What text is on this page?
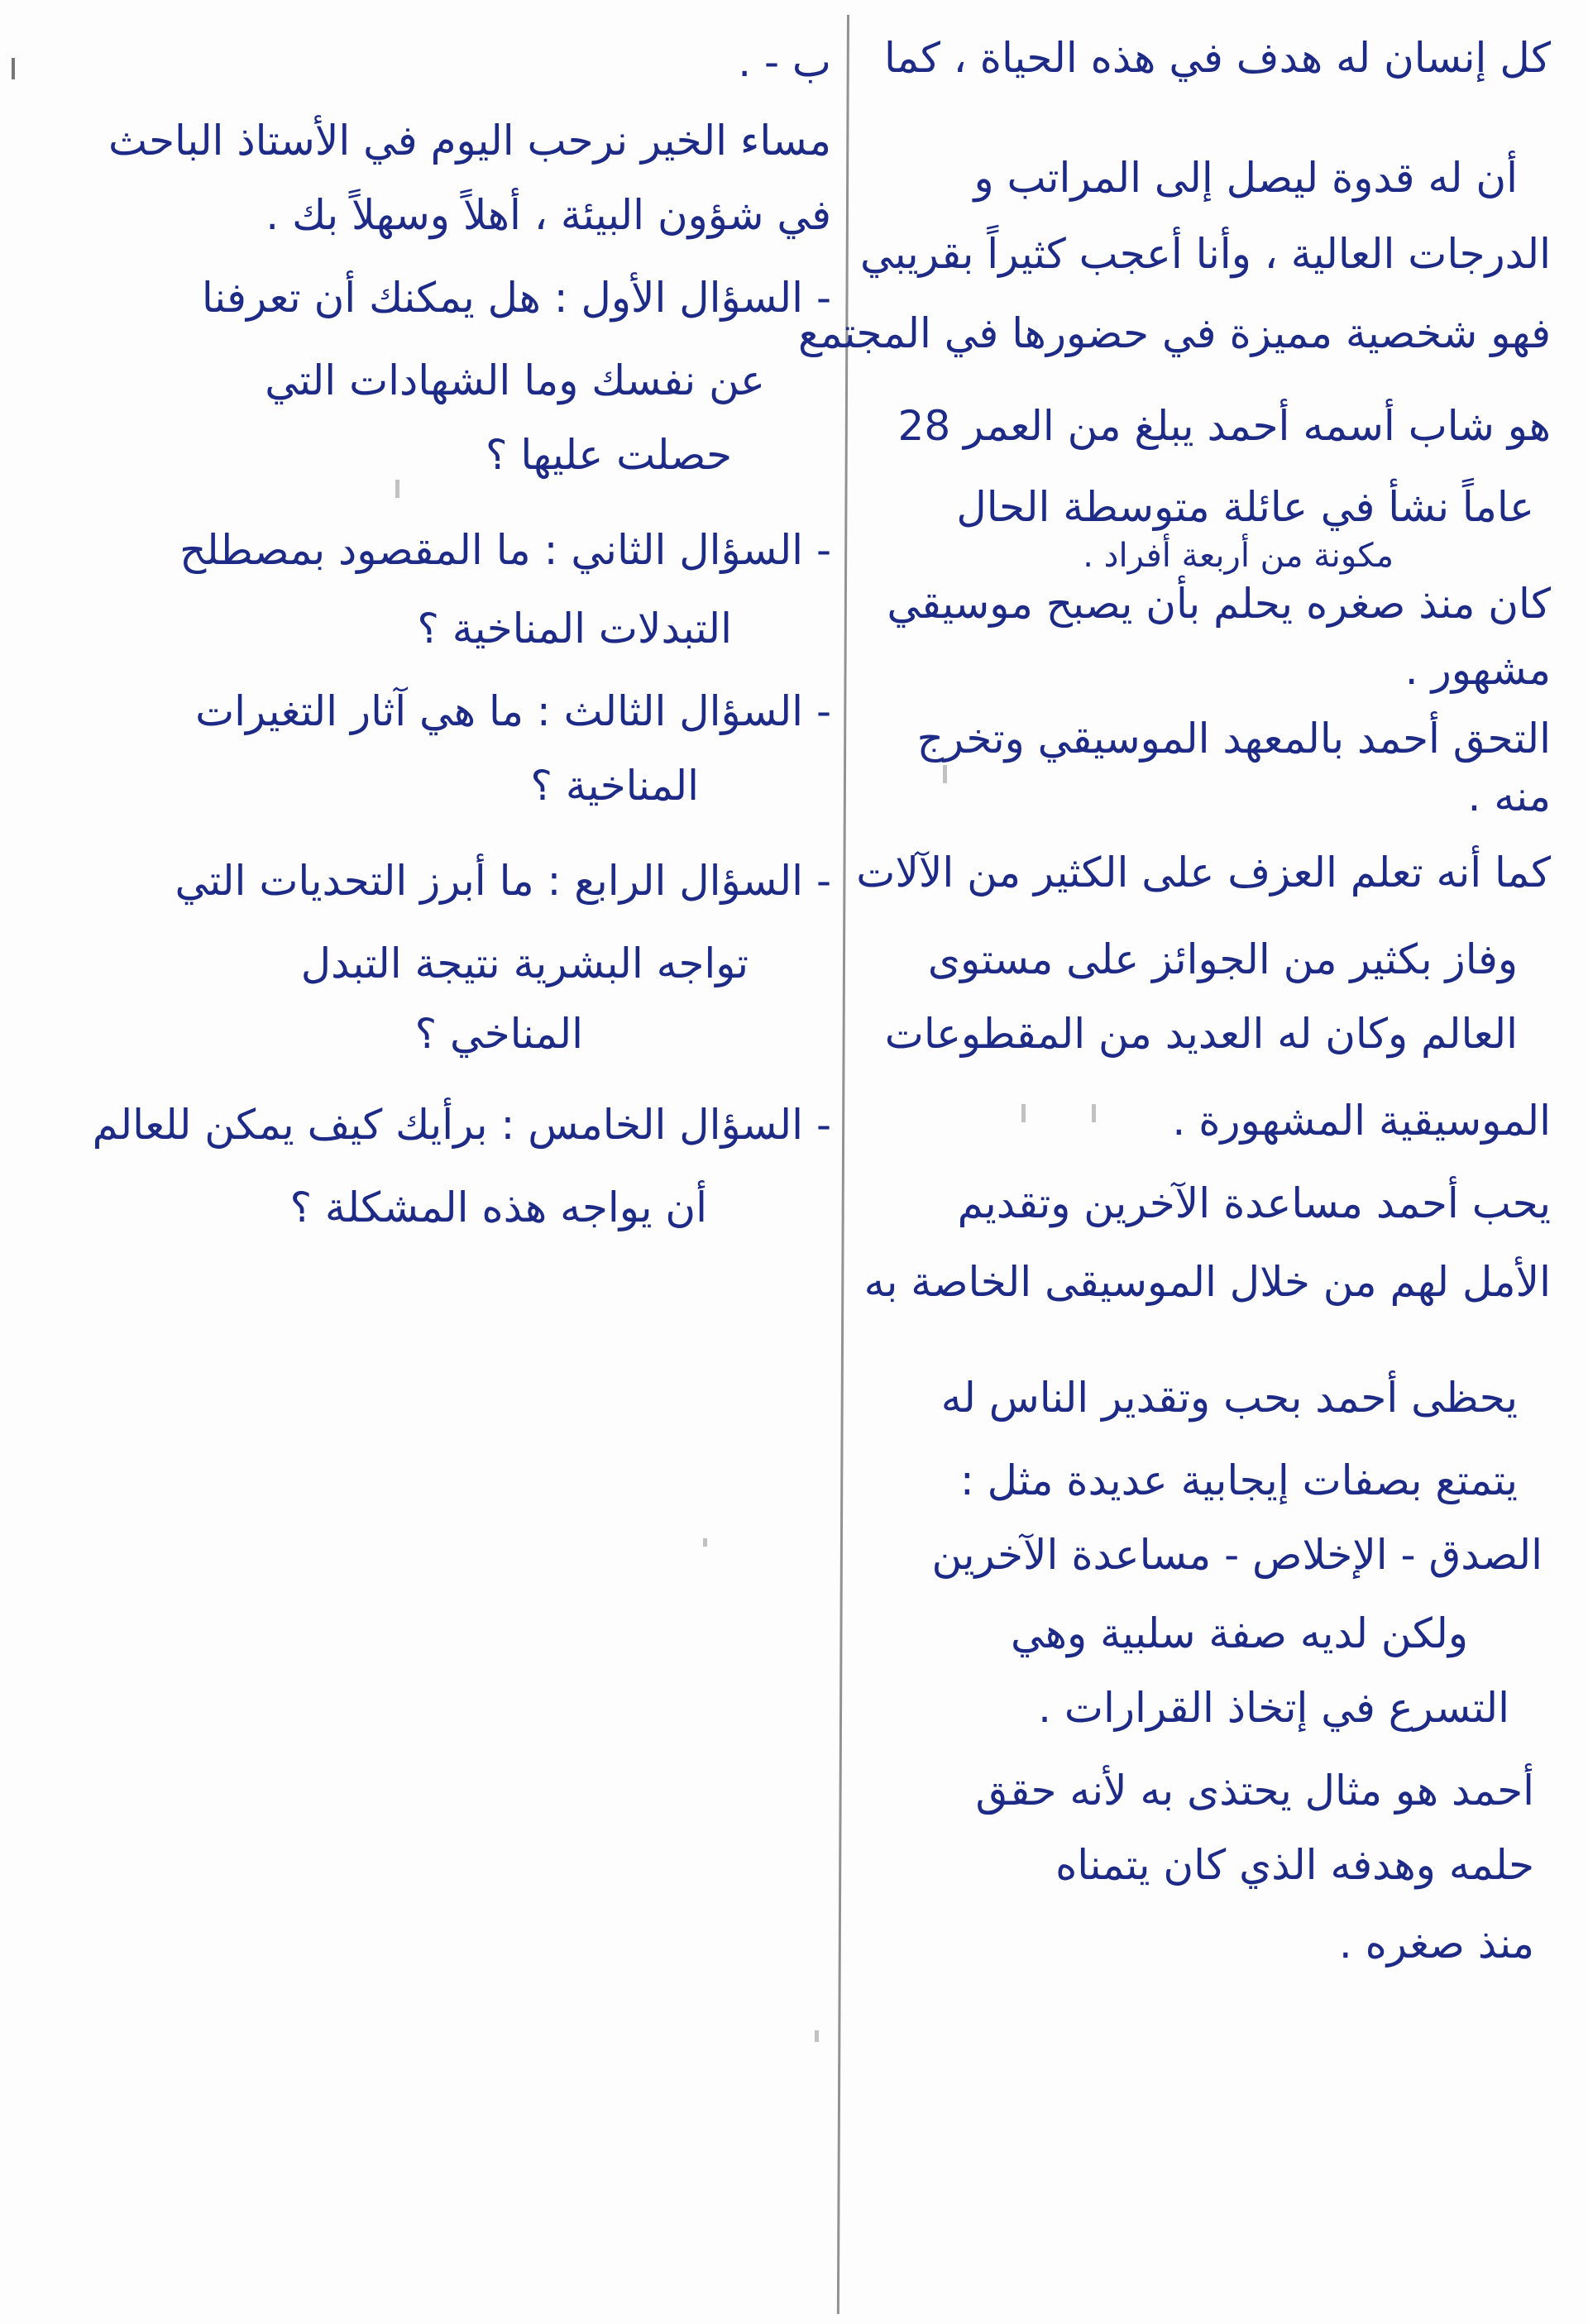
كل إنسان له هدف في هذه الحياة ، كما
أن له قدوة ليصل إلى المراتب و
الدرجات العالية ، وأنا أعجب كثيراً بقريبي
فهو شخصية مميزة في حضورها في المجتمع
هو شاب أسمه أحمد يبلغ من العمر 28
عاماً نشأ في عائلة متوسطة الحال
مكونة من أربعة أفراد .
كان منذ صغره يحلم بأن يصبح موسيقي
مشهور .
التحق أحمد بالمعهد الموسيقي وتخرج
منه .
كما أنه تعلم العزف على الكثير من الآلات
وفاز بكثير من الجوائز على مستوى
العالم وكان له العديد من المقطوعات
الموسيقية المشهورة .
يحب أحمد مساعدة الآخرين وتقديم
الأمل لهم من خلال الموسيقى الخاصة به
يحظى أحمد بحب وتقدير الناس له
يتمتع بصفات إيجابية عديدة مثل :
الصدق - الإخلاص - مساعدة الآخرين
ولكن لديه صفة سلبية وهي
التسرع في إتخاذ القرارات .
أحمد هو مثال يحتذى به لأنه حقق
حلمه وهدفه الذي كان يتمناه
منذ صغره .
ب - .
مساء الخير نرحب اليوم في الأستاذ الباحث
في شؤون البيئة ، أهلاً وسهلاً بك .
- السؤال الأول : هل يمكنك أن تعرفنا
عن نفسك وما الشهادات التي
حصلت عليها ؟
- السؤال الثاني : ما المقصود بمصطلح
التبدلات المناخية ؟
- السؤال الثالث : ما هي آثار التغيرات
المناخية ؟
- السؤال الرابع : ما أبرز التحديات التي
تواجه البشرية نتيجة التبدل
المناخي ؟
- السؤال الخامس : برأيك كيف يمكن للعالم
أن يواجه هذه المشكلة ؟
